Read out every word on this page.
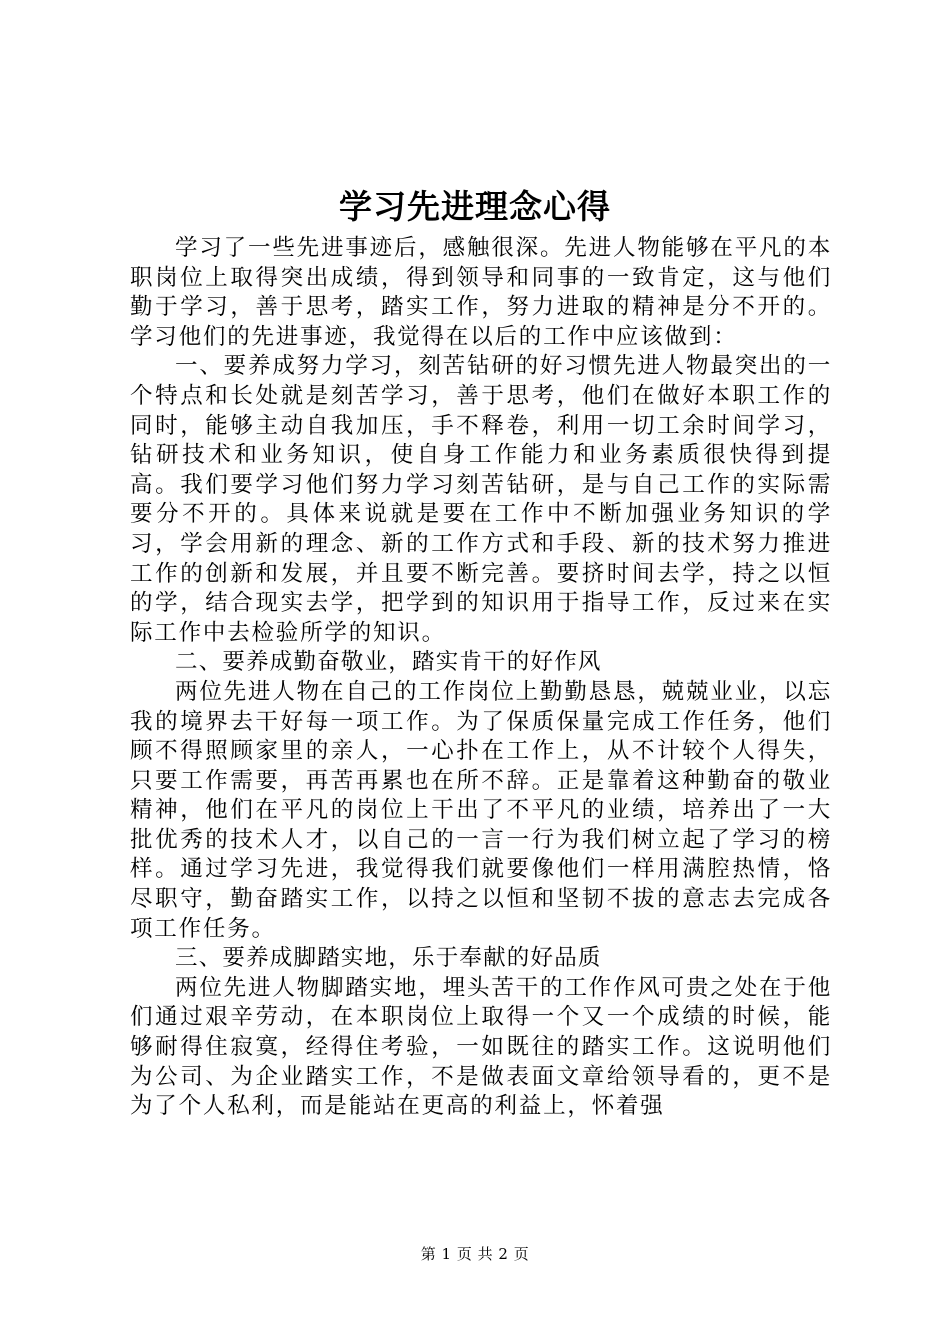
学习先进理念心得

学习了一些先进事迹后，感触很深。先进人物能够在平凡的本职岗位上取得突出成绩，得到领导和同事的一致肯定，这与他们勤于学习，善于思考，踏实工作，努力进取的精神是分不开的。学习他们的先进事迹，我觉得在以后的工作中应该做到：

一、要养成努力学习，刻苦钻研的好习惯先进人物最突出的一个特点和长处就是刻苦学习，善于思考，他们在做好本职工作的同时，能够主动自我加压，手不释卷，利用一切工余时间学习，钻研技术和业务知识，使自身工作能力和业务素质很快得到提高。我们要学习他们努力学习刻苦钻研，是与自己工作的实际需要分不开的。具体来说就是要在工作中不断加强业务知识的学习，学会用新的理念、新的工作方式和手段、新的技术努力推进工作的创新和发展，并且要不断完善。要挤时间去学，持之以恒的学，结合现实去学，把学到的知识用于指导工作，反过来在实际工作中去检验所学的知识。

二、要养成勤奋敬业，踏实肯干的好作风

两位先进人物在自己的工作岗位上勤勤恳恳，兢兢业业，以忘我的境界去干好每一项工作。为了保质保量完成工作任务，他们顾不得照顾家里的亲人，一心扑在工作上，从不计较个人得失，只要工作需要，再苦再累也在所不辞。正是靠着这种勤奋的敬业精神，他们在平凡的岗位上干出了不平凡的业绩，培养出了一大批优秀的技术人才，以自己的一言一行为我们树立起了学习的榜样。通过学习先进，我觉得我们就要像他们一样用满腔热情，恪尽职守，勤奋踏实工作，以持之以恒和坚韧不拔的意志去完成各项工作任务。

三、要养成脚踏实地，乐于奉献的好品质

两位先进人物脚踏实地，埋头苦干的工作作风可贵之处在于他们通过艰辛劳动，在本职岗位上取得一个又一个成绩的时候，能够耐得住寂寞，经得住考验，一如既往的踏实工作。这说明他们为公司、为企业踏实工作，不是做表面文章给领导看的，更不是为了个人私利，而是能站在更高的利益上，怀着强

第 1 页 共 2 页
